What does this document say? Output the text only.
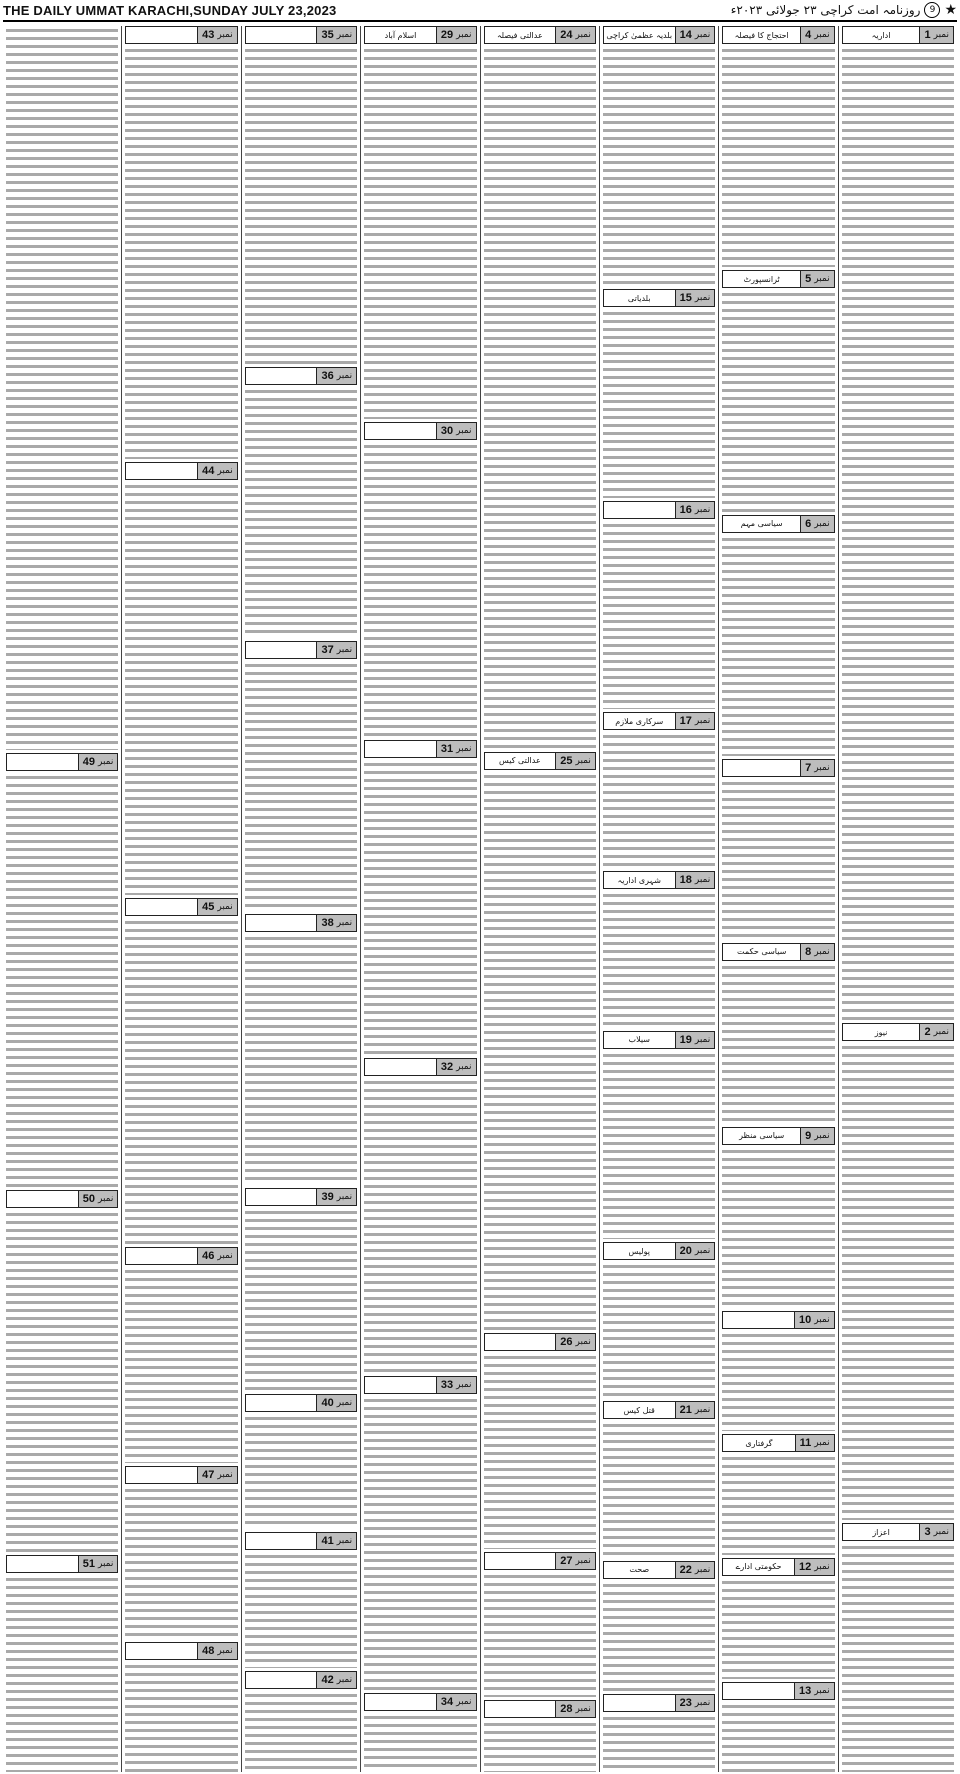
THE DAILY UMMAT KARACHI,SUNDAY JULY 23,2023	★
9
روزنامہ امت کراچی ۲۳ جولائی ۲۰۲۳ء
نمبر
1
اداریہ
نمبر
2
نیوز
نمبر
3
اعزاز
نمبر
4
احتجاج کا فیصلہ
نمبر
5
ٹرانسپورٹ
نمبر
6
سیاسی مہم
نمبر
7
نمبر
8
سیاسی حکمت
نمبر
9
سیاسی منظر
نمبر
10
نمبر
11
گرفتاری
نمبر
12
حکومتی ادارے
نمبر
13
نمبر
14
بلدیہ عظمیٰ کراچی
نمبر
15
بلدیاتی
نمبر
16
نمبر
17
سرکاری ملازم
نمبر
18
شہری اداریہ
نمبر
19
سیلاب
نمبر
20
پولیس
نمبر
21
قتل کیس
نمبر
22
صحت
نمبر
23
نمبر
24
عدالتی فیصلہ
نمبر
25
عدالتی کیس
نمبر
26
نمبر
27
نمبر
28
نمبر
29
اسلام آباد
نمبر
30
نمبر
31
نمبر
32
نمبر
33
نمبر
34
نمبر
35
نمبر
36
نمبر
37
نمبر
38
نمبر
39
نمبر
40
نمبر
41
نمبر
42
نمبر
43
نمبر
44
نمبر
45
نمبر
46
نمبر
47
نمبر
48
نمبر
49
نمبر
50
نمبر
51
